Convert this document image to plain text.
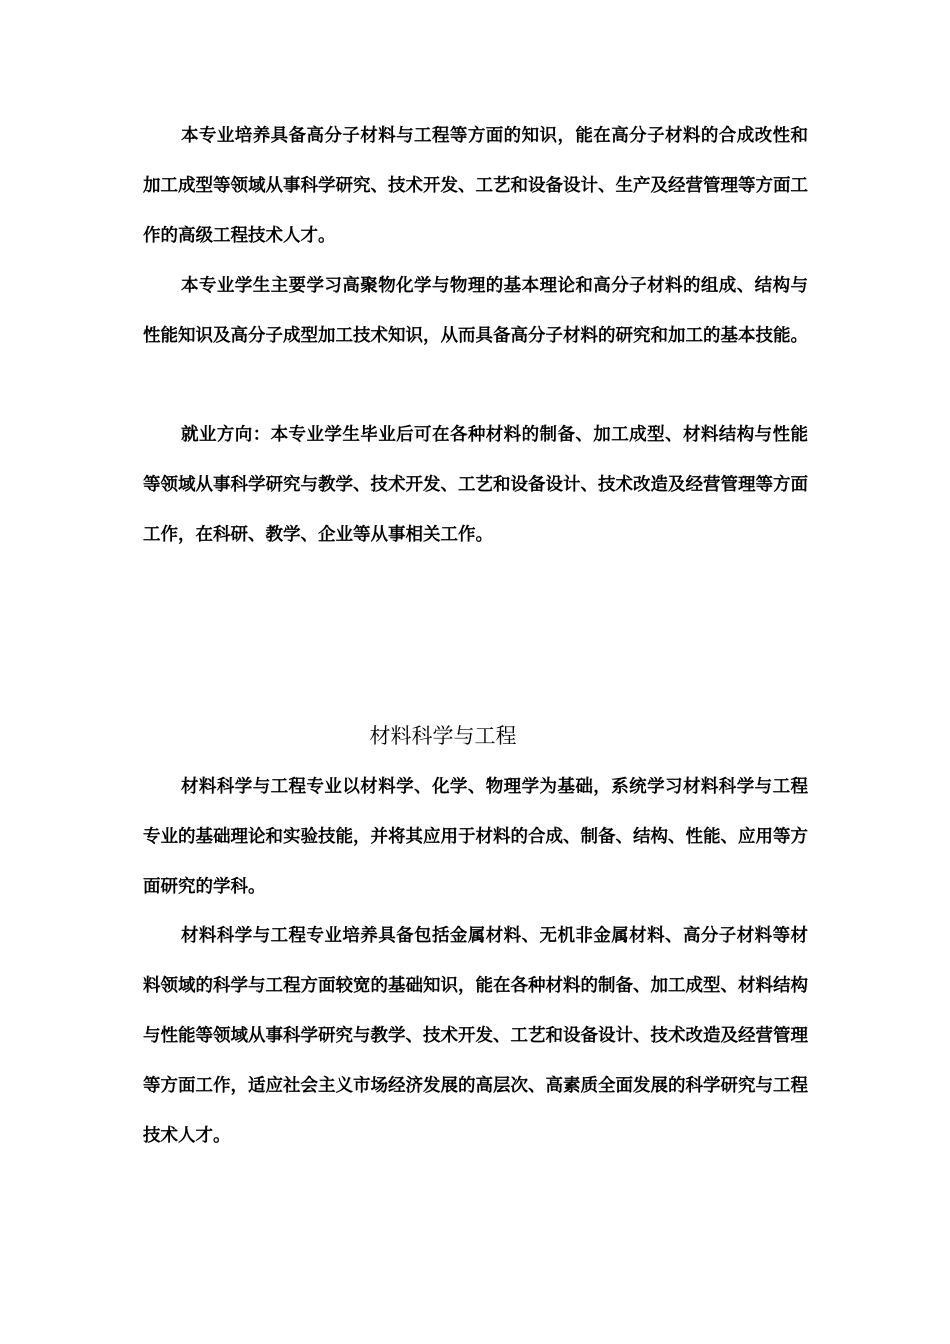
本专业培养具备高分子材料与工程等方面的知识，能在高分子材料的合成改性和加工成型等领域从事科学研究、技术开发、工艺和设备设计、生产及经营管理等方面工作的高级工程技术人才。

本专业学生主要学习高聚物化学与物理的基本理论和高分子材料的组成、结构与性能知识及高分子成型加工技术知识，从而具备高分子材料的研究和加工的基本技能。

就业方向：本专业学生毕业后可在各种材料的制备、加工成型、材料结构与性能等领域从事科学研究与教学、技术开发、工艺和设备设计、技术改造及经营管理等方面工作，在科研、教学、企业等从事相关工作。

材料科学与工程

材料科学与工程专业以材料学、化学、物理学为基础，系统学习材料科学与工程专业的基础理论和实验技能，并将其应用于材料的合成、制备、结构、性能、应用等方面研究的学科。

材料科学与工程专业培养具备包括金属材料、无机非金属材料、高分子材料等材料领域的科学与工程方面较宽的基础知识，能在各种材料的制备、加工成型、材料结构与性能等领域从事科学研究与教学、技术开发、工艺和设备设计、技术改造及经营管理等方面工作，适应社会主义市场经济发展的高层次、高素质全面发展的科学研究与工程技术人才。
